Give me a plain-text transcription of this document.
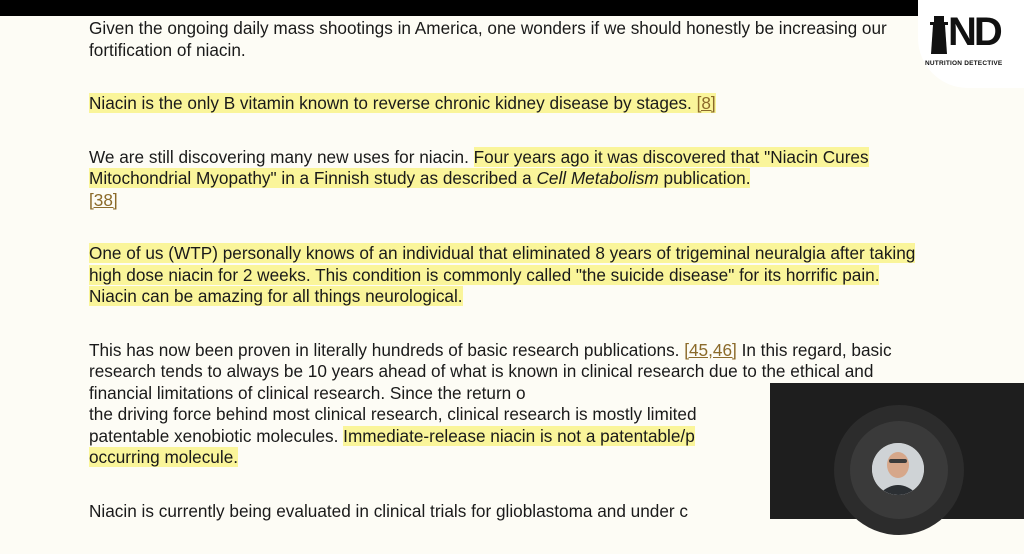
Given the ongoing daily mass shootings in America, one wonders if we should honestly be increasing our fortification of niacin.

Niacin is the only B vitamin known to reverse chronic kidney disease by stages. [8]

We are still discovering many new uses for niacin. Four years ago it was discovered that "Niacin Cures Mitochondrial Myopathy" in a Finnish study as described a Cell Metabolism publication.
[38]

One of us (WTP) personally knows of an individual that eliminated 8 years of trigeminal neuralgia after taking high dose niacin for 2 weeks. This condition is commonly called "the suicide disease" for its horrific pain. Niacin can be amazing for all things neurological.

This has now been proven in literally hundreds of basic research publications. [45,46] In this regard, basic research tends to always be 10 years ahead of what is known in clinical research due to the ethical and financial limitations of clinical research. Since the return o
the driving force behind most clinical research, clinical research is mostly limited
patentable xenobiotic molecules. Immediate-release niacin is not a patentable/p
occurring molecule.

Niacin is currently being evaluated in clinical trials for glioblastoma and under c

ND
NUTRITION DETECTIVE
